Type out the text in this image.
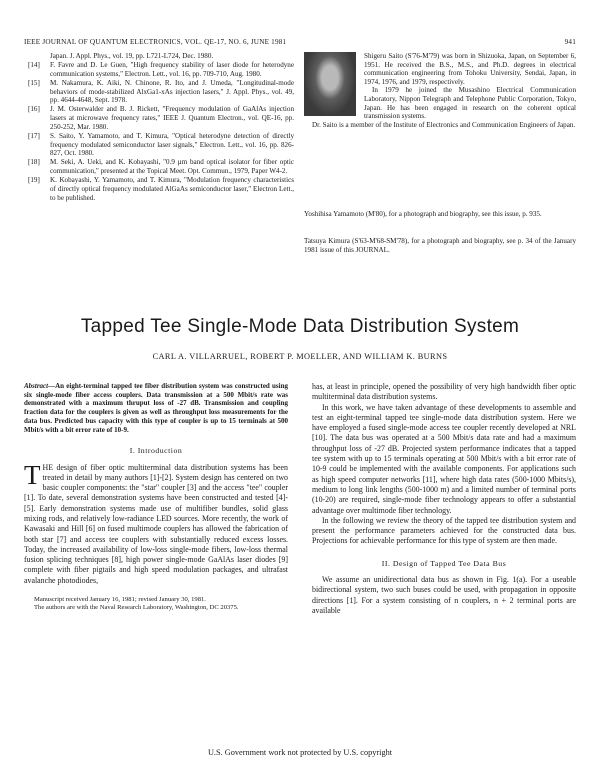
IEEE JOURNAL OF QUANTUM ELECTRONICS, VOL. QE-17, NO. 6, JUNE 1981	941
Japan. J. Appl. Phys., vol. 19, pp. L721-L724, Dec. 1980.
[14] F. Favre and D. Le Guen, "High frequency stability of laser diode for heterodyne communication systems," Electron. Lett., vol. 16, pp. 709-710, Aug. 1980.
[15] M. Nakamura, K. Aiki, N. Chinone, R. Ito, and J. Umeda, "Longitudinal-mode behaviors of mode-stabilized AlxGa1-xAs injection lasers," J. Appl. Phys., vol. 49, pp. 4644-4648, Sept. 1978.
[16] J. M. Osterwalder and B. J. Rickett, "Frequency modulation of GaAlAs injection lasers at microwave frequency rates," IEEE J. Quantum Electron., vol. QE-16, pp. 250-252, Mar. 1980.
[17] S. Saito, Y. Yamamoto, and T. Kimura, "Optical heterodyne detection of directly frequency modulated semiconductor laser signals," Electron. Lett., vol. 16, pp. 826-827, Oct. 1980.
[18] M. Seki, A. Ueki, and K. Kobayashi, "0.9 µm band optical isolator for fiber optic communication," presented at the Topical Meet. Opt. Commun., 1979, Paper W4-2.
[19] K. Kobayashi, Y. Yamamoto, and T. Kimura, "Modulation frequency characteristics of directly optical frequency modulated AlGaAs semiconductor laser," Electron Lett., to be published.

Shigeru Saito (S'76-M'79) was born in Shizuoka, Japan, on September 6, 1951. He received the B.S., M.S., and Ph.D. degrees in electrical communication engineering from Tohoku University, Sendai, Japan, in 1974, 1976, and 1979, respectively.

In 1979 he joined the Musashino Electrical Communication Laboratory, Nippon Telegraph and Telephone Public Corporation, Tokyo, Japan. He has been engaged in research on the coherent optical transmission systems.

Dr. Saito is a member of the Institute of Electronics and Communication Engineers of Japan.

Yoshihisa Yamamoto (M'80), for a photograph and biography, see this issue, p. 935.
Tatsuya Kimura (S'63-M'68-SM'78), for a photograph and biography, see p. 34 of the January 1981 issue of this JOURNAL.
Tapped Tee Single-Mode Data Distribution System
CARL A. VILLARRUEL, ROBERT P. MOELLER, AND WILLIAM K. BURNS
Abstract—An eight-terminal tapped tee fiber distribution system was constructed using six single-mode fiber access couplers. Data transmission at a 500 Mbit/s rate was demonstrated with a maximum thruput loss of -27 dB. Transmission and coupling fraction data for the couplers is given as well as throughput loss measurements for the data bus. Predicted bus capacity with this type of coupler is up to 15 terminals at 500 Mbit/s with a bit error rate of 10-9.
I. Introduction

THE design of fiber optic multiterminal data distribution systems has been treated in detail by many authors [1]-[2]. System design has centered on two basic coupler components: the "star" coupler [3] and the access "tee" coupler [1]. To date, several demonstration systems have been constructed and tested [4]-[5]. Early demonstration systems made use of multifiber bundles, solid glass mixing rods, and relatively low-radiance LED sources. More recently, the work of Kawasaki and Hill [6] on fused multimode couplers has allowed the fabrication of both star [7] and access tee couplers with substantially reduced excess losses. Today, the increased availability of low-loss single-mode fibers, low-loss thermal fusion splicing techniques [8], high power single-mode GaAlAs laser diodes [9] complete with fiber pigtails and high speed modulation packages, and ultrafast avalanche photodiodes,

Manuscript received January 16, 1981; revised January 30, 1981.

The authors are with the Naval Research Laboratory, Washington, DC 20375.

has, at least in principle, opened the possibility of very high bandwidth fiber optic multiterminal data distribution systems.

In this work, we have taken advantage of these developments to assemble and test an eight-terminal tapped tee single-mode data distribution system. Here we have employed a fused single-mode access tee coupler recently developed at NRL [10]. The data bus was operated at a 500 Mbit/s data rate and had a maximum throughput loss of -27 dB. Projected system performance indicates that a tapped tee system with up to 15 terminals operating at 500 Mbit/s with a bit error rate of 10-9 could be implemented with the available components. For applications such as high speed computer networks [11], where high data rates (500-1000 Mbits/s), medium to long link lengths (500-1000 m) and a limited number of terminal ports (10-20) are required, single-mode fiber technology appears to offer a substantial advantage over multimode fiber technology.

In the following we review the theory of the tapped tee distribution system and present the performance parameters achieved for the constructed data bus. Projections for achievable performance for this type of system are then made.

II. Design of Tapped Tee Data Bus

We assume an unidirectional data bus as shown in Fig. 1(a). For a useable bidirectional system, two such buses could be used, with propagation in opposite directions [1]. For a system consisting of n couplers, n + 2 terminal ports are available

U.S. Government work not protected by U.S. copyright
